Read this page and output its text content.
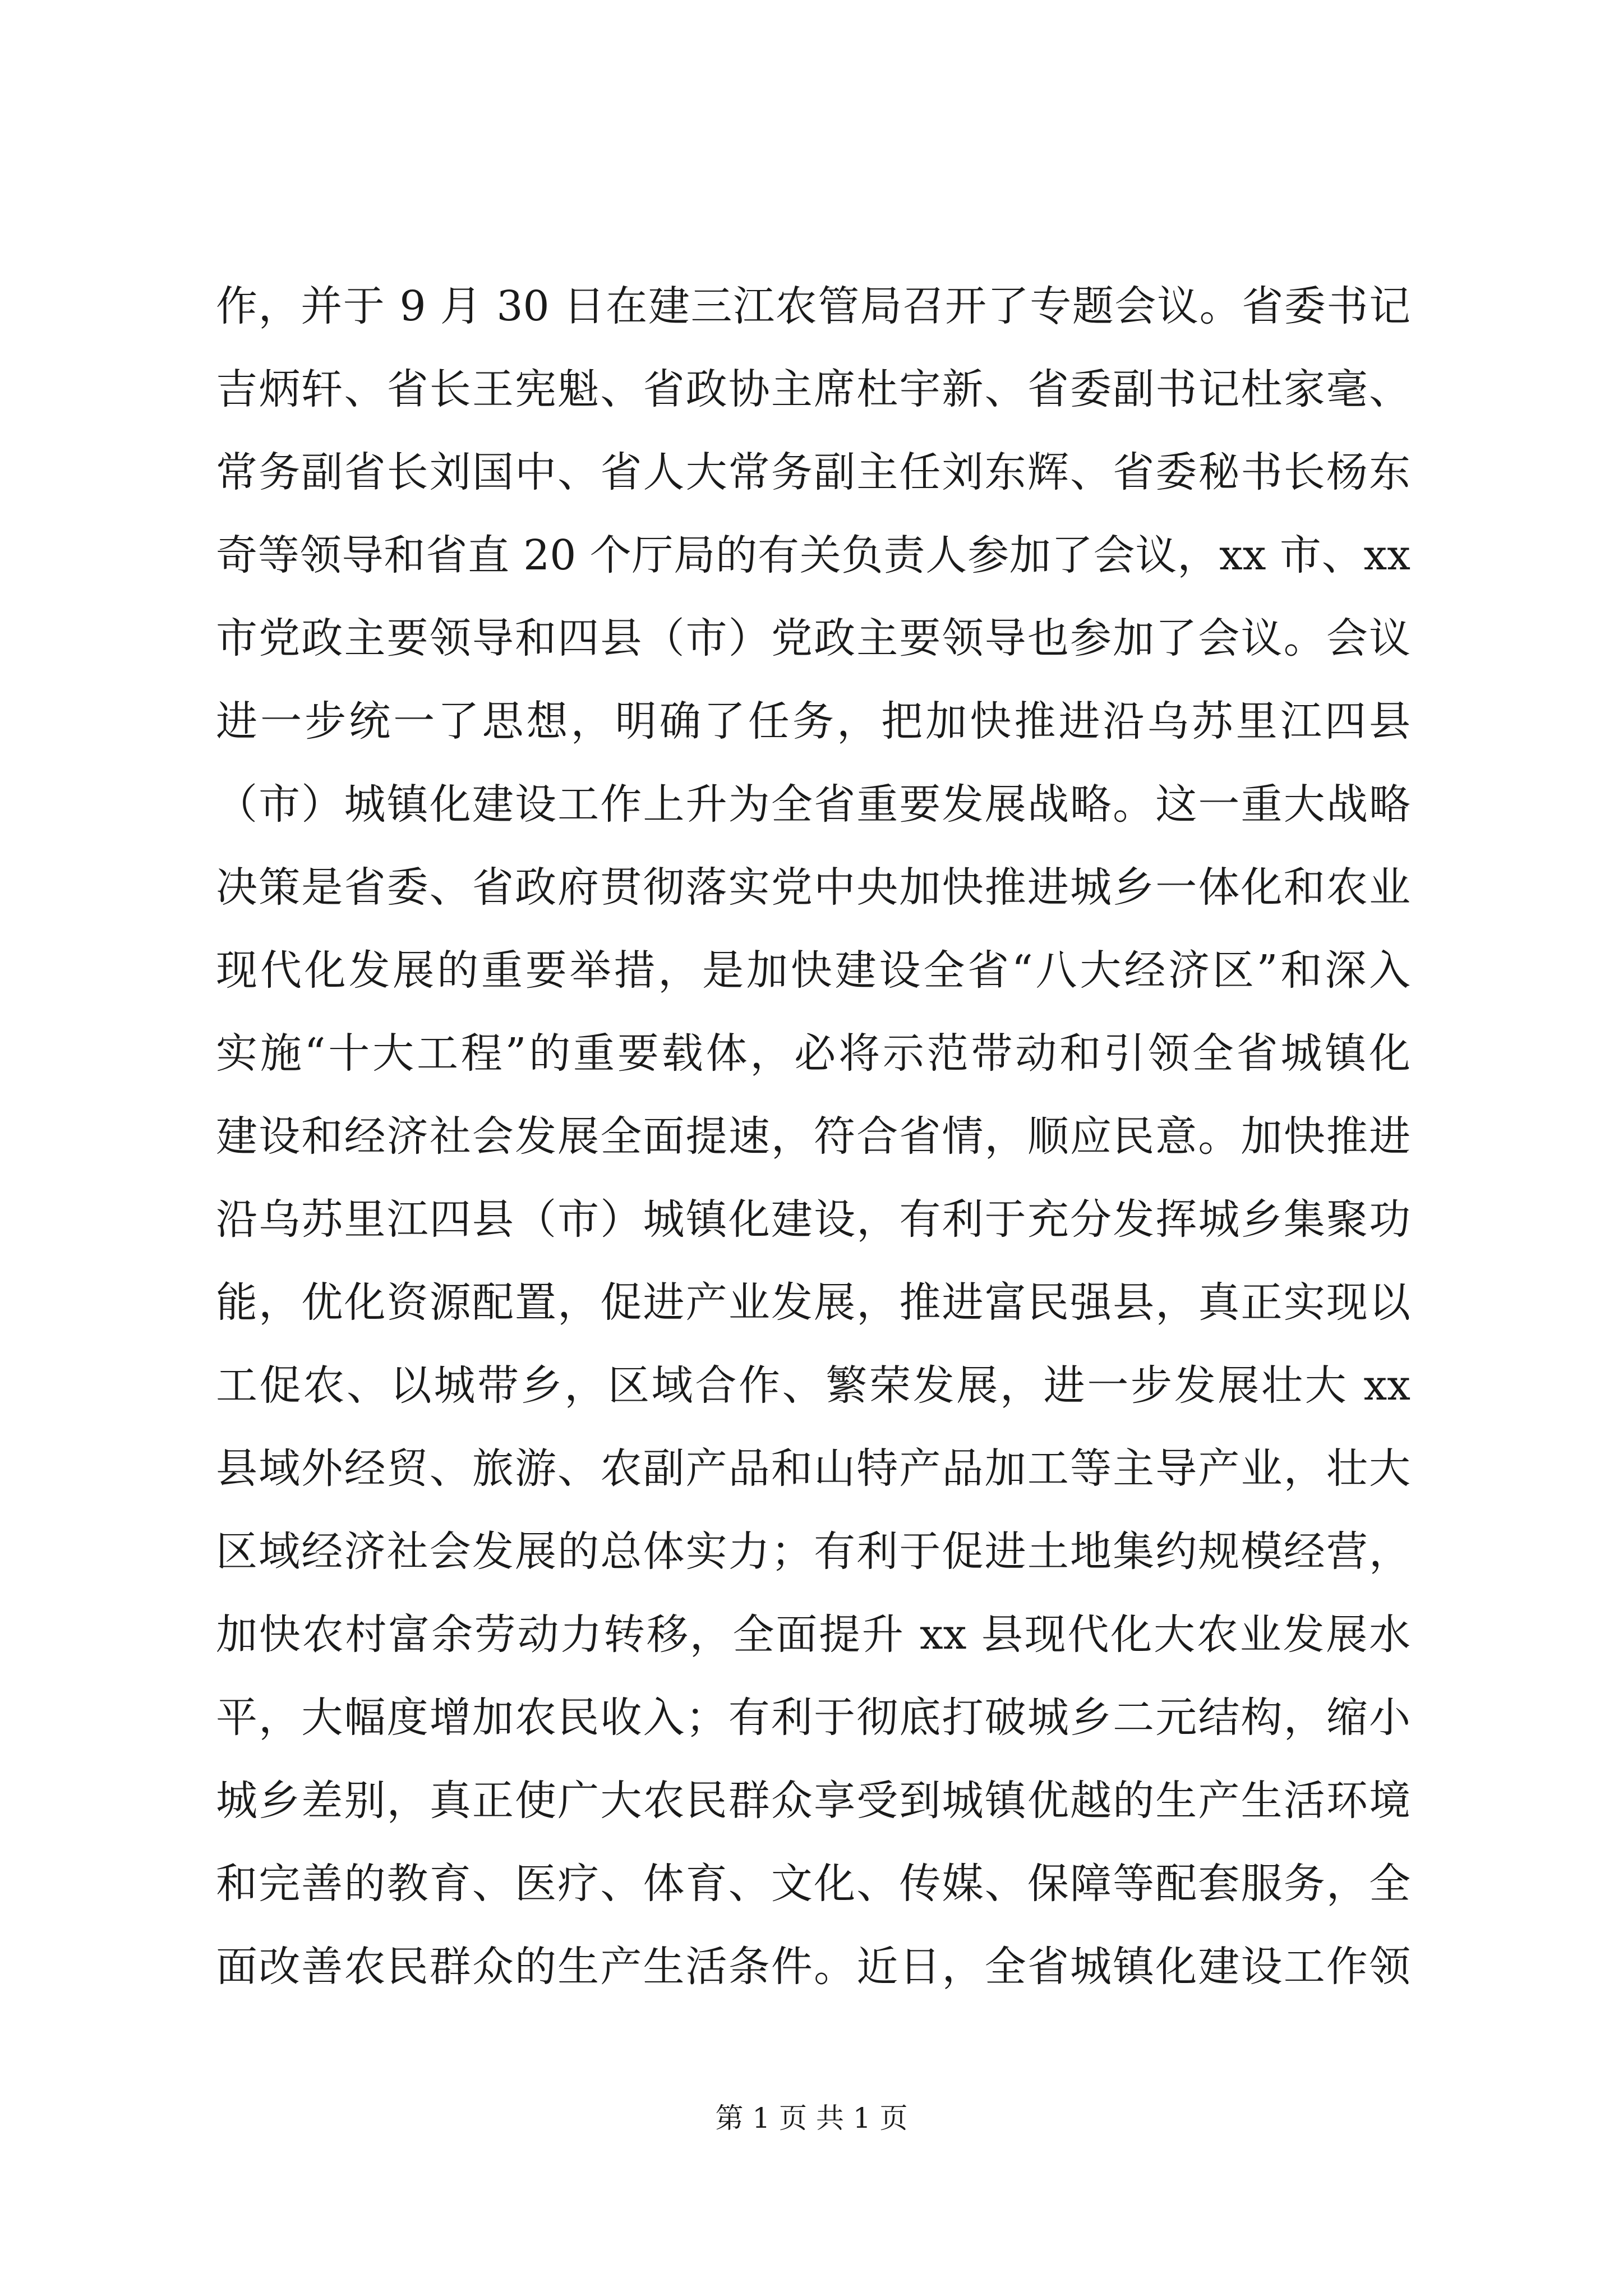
作，并于 9 月 30 日在建三江农管局召开了专题会议。省委书记
吉炳轩、省长王宪魁、省政协主席杜宇新、省委副书记杜家毫、
常务副省长刘国中、省人大常务副主任刘东辉、省委秘书长杨东
奇等领导和省直 20 个厅局的有关负责人参加了会议，xx 市、xx
市党政主要领导和四县（市）党政主要领导也参加了会议。会议
进一步统一了思想，明确了任务，把加快推进沿乌苏里江四县
（市）城镇化建设工作上升为全省重要发展战略。这一重大战略
决策是省委、省政府贯彻落实党中央加快推进城乡一体化和农业
现代化发展的重要举措，是加快建设全省“八大经济区”和深入
实施“十大工程”的重要载体，必将示范带动和引领全省城镇化
建设和经济社会发展全面提速，符合省情，顺应民意。加快推进
沿乌苏里江四县（市）城镇化建设，有利于充分发挥城乡集聚功
能，优化资源配置，促进产业发展，推进富民强县，真正实现以
工促农、以城带乡，区域合作、繁荣发展，进一步发展壮大 xx
县域外经贸、旅游、农副产品和山特产品加工等主导产业，壮大
区域经济社会发展的总体实力；有利于促进土地集约规模经营，
加快农村富余劳动力转移，全面提升 xx 县现代化大农业发展水
平，大幅度增加农民收入；有利于彻底打破城乡二元结构，缩小
城乡差别，真正使广大农民群众享受到城镇优越的生产生活环境
和完善的教育、医疗、体育、文化、传媒、保障等配套服务，全
面改善农民群众的生产生活条件。近日，全省城镇化建设工作领
第 1 页 共 1 页
